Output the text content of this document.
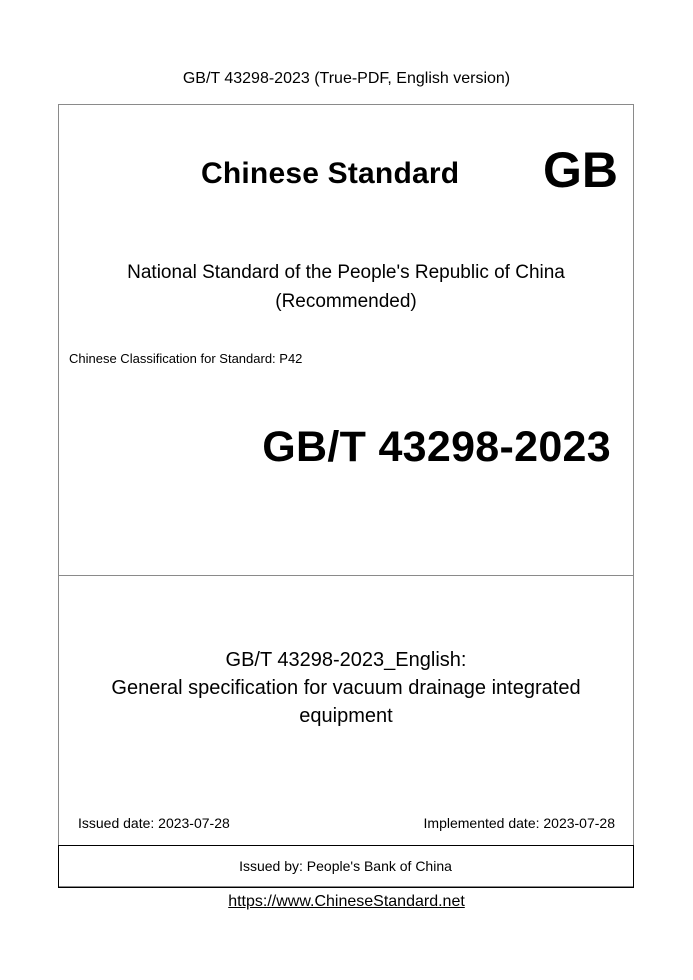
GB/T 43298-2023 (True-PDF, English version)
Chinese Standard GB
National Standard of the People's Republic of China
(Recommended)
Chinese Classification for Standard: P42
GB/T 43298-2023
GB/T 43298-2023_English:
General specification for vacuum drainage integrated
equipment
Issued date: 2023-07-28	Implemented date: 2023-07-28
Issued by: People's Bank of China
https://www.ChineseStandard.net
